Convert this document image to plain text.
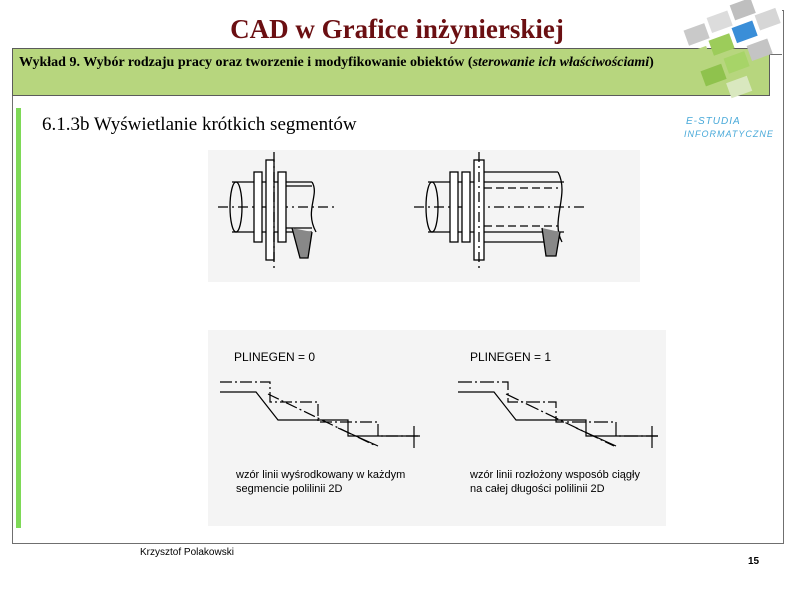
CAD w Grafice inżynierskiej
Wykład 9. Wybór rodzaju pracy oraz tworzenie i modyfikowanie obiektów (sterowanie ich właściwościami)
E-STUDIA
INFORMATYCZNE
6.1.3b Wyświetlanie krótkich segmentów
PLINEGEN = 0	PLINEGEN = 1
wzór linii wyśrodkowany w każdym
segmencie polilinii 2D
wzór linii rozłożony wsposób ciągły
na całej długości polilinii 2D
Krzysztof Polakowski
15
